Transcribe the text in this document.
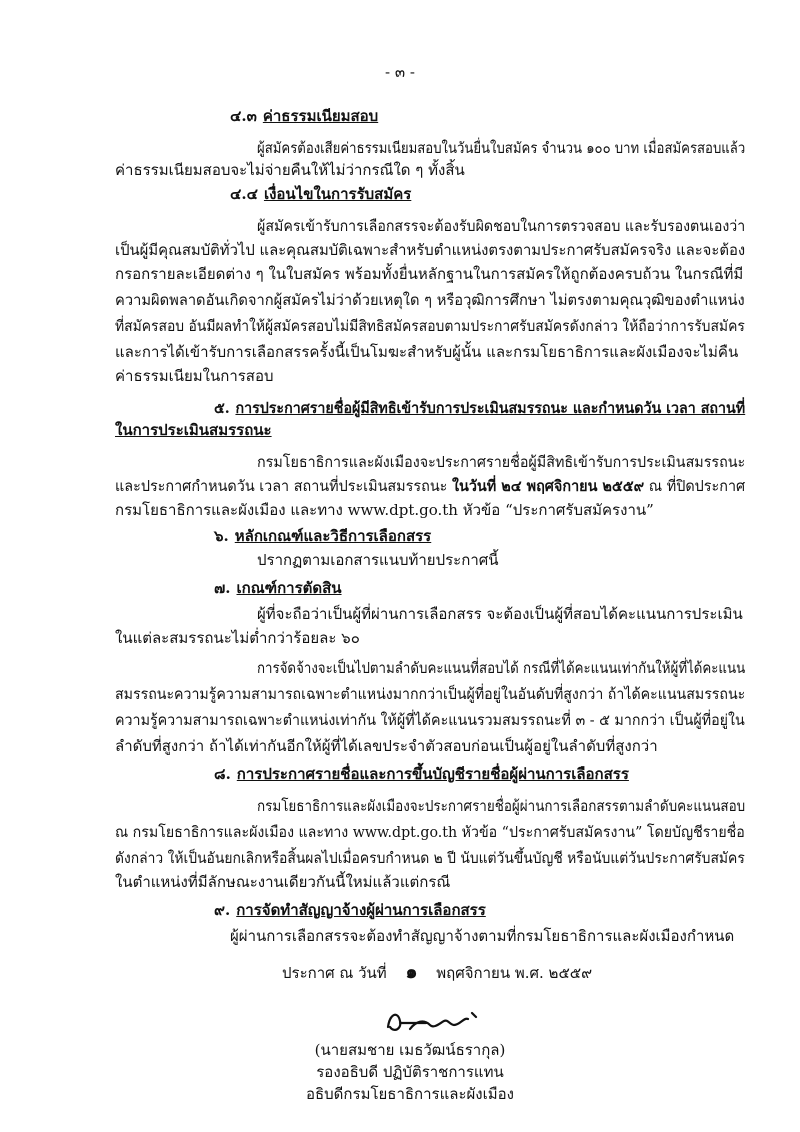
- ๓ -
๔.๓ ค่าธรรมเนียมสอบ
ผู้สมัครต้องเสียค่าธรรมเนียมสอบในวันยื่นใบสมัคร จำนวน ๑๐๐ บาท เมื่อสมัครสอบแล้ว
ค่าธรรมเนียมสอบจะไม่จ่ายคืนให้ไม่ว่ากรณีใด ๆ ทั้งสิ้น
๔.๔ เงื่อนไขในการรับสมัคร
ผู้สมัครเข้ารับการเลือกสรรจะต้องรับผิดชอบในการตรวจสอบ และรับรองตนเองว่า
เป็นผู้มีคุณสมบัติทั่วไป และคุณสมบัติเฉพาะสำหรับตำแหน่งตรงตามประกาศรับสมัครจริง และจะต้อง
กรอกรายละเอียดต่าง ๆ ในใบสมัคร พร้อมทั้งยื่นหลักฐานในการสมัครให้ถูกต้องครบถ้วน ในกรณีที่มี
ความผิดพลาดอันเกิดจากผู้สมัครไม่ว่าด้วยเหตุใด ๆ หรือวุฒิการศึกษา ไม่ตรงตามคุณวุฒิของตำแหน่ง
ที่สมัครสอบ อันมีผลทำให้ผู้สมัครสอบไม่มีสิทธิสมัครสอบตามประกาศรับสมัครดังกล่าว ให้ถือว่าการรับสมัคร
และการได้เข้ารับการเลือกสรรครั้งนี้เป็นโมฆะสำหรับผู้นั้น และกรมโยธาธิการและผังเมืองจะไม่คืน
ค่าธรรมเนียมในการสอบ
๕. การประกาศรายชื่อผู้มีสิทธิเข้ารับการประเมินสมรรถนะ และกำหนดวัน เวลา สถานที่
ในการประเมินสมรรถนะ
กรมโยธาธิการและผังเมืองจะประกาศรายชื่อผู้มีสิทธิเข้ารับการประเมินสมรรถนะ
และประกาศกำหนดวัน เวลา สถานที่ประเมินสมรรถนะ ในวันที่ ๒๔ พฤศจิกายน ๒๕๕๙ ณ ที่ปิดประกาศ
กรมโยธาธิการและผังเมือง และทาง www.dpt.go.th หัวข้อ “ประกาศรับสมัครงาน”
๖. หลักเกณฑ์และวิธีการเลือกสรร
ปรากฏตามเอกสารแนบท้ายประกาศนี้
๗. เกณฑ์การตัดสิน
ผู้ที่จะถือว่าเป็นผู้ที่ผ่านการเลือกสรร จะต้องเป็นผู้ที่สอบได้คะแนนการประเมิน
ในแต่ละสมรรถนะไม่ต่ำกว่าร้อยละ ๖๐
การจัดจ้างจะเป็นไปตามลำดับคะแนนที่สอบได้ กรณีที่ได้คะแนนเท่ากันให้ผู้ที่ได้คะแนน
สมรรถนะความรู้ความสามารถเฉพาะตำแหน่งมากกว่าเป็นผู้ที่อยู่ในอันดับที่สูงกว่า ถ้าได้คะแนนสมรรถนะ
ความรู้ความสามารถเฉพาะตำแหน่งเท่ากัน ให้ผู้ที่ได้คะแนนรวมสมรรถนะที่ ๓ - ๕ มากกว่า เป็นผู้ที่อยู่ใน
ลำดับที่สูงกว่า ถ้าได้เท่ากันอีกให้ผู้ที่ได้เลขประจำตัวสอบก่อนเป็นผู้อยู่ในลำดับที่สูงกว่า
๘. การประกาศรายชื่อและการขึ้นบัญชีรายชื่อผู้ผ่านการเลือกสรร
กรมโยธาธิการและผังเมืองจะประกาศรายชื่อผู้ผ่านการเลือกสรรตามลำดับคะแนนสอบ
ณ กรมโยธาธิการและผังเมือง และทาง www.dpt.go.th หัวข้อ “ประกาศรับสมัครงาน” โดยบัญชีรายชื่อ
ดังกล่าว ให้เป็นอันยกเลิกหรือสิ้นผลไปเมื่อครบกำหนด ๒ ปี นับแต่วันขึ้นบัญชี หรือนับแต่วันประกาศรับสมัคร
ในตำแหน่งที่มีลักษณะงานเดียวกันนี้ใหม่แล้วแต่กรณี
๙. การจัดทำสัญญาจ้างผู้ผ่านการเลือกสรร
ผู้ผ่านการเลือกสรรจะต้องทำสัญญาจ้างตามที่กรมโยธาธิการและผังเมืองกำหนด
ประกาศ ณ วันที่ ๑ พฤศจิกายน พ.ศ. ๒๕๕๙
(นายสมชาย เมธวัฒน์ธรากุล)
รองอธิบดี ปฏิบัติราชการแทน
อธิบดีกรมโยธาธิการและผังเมือง
